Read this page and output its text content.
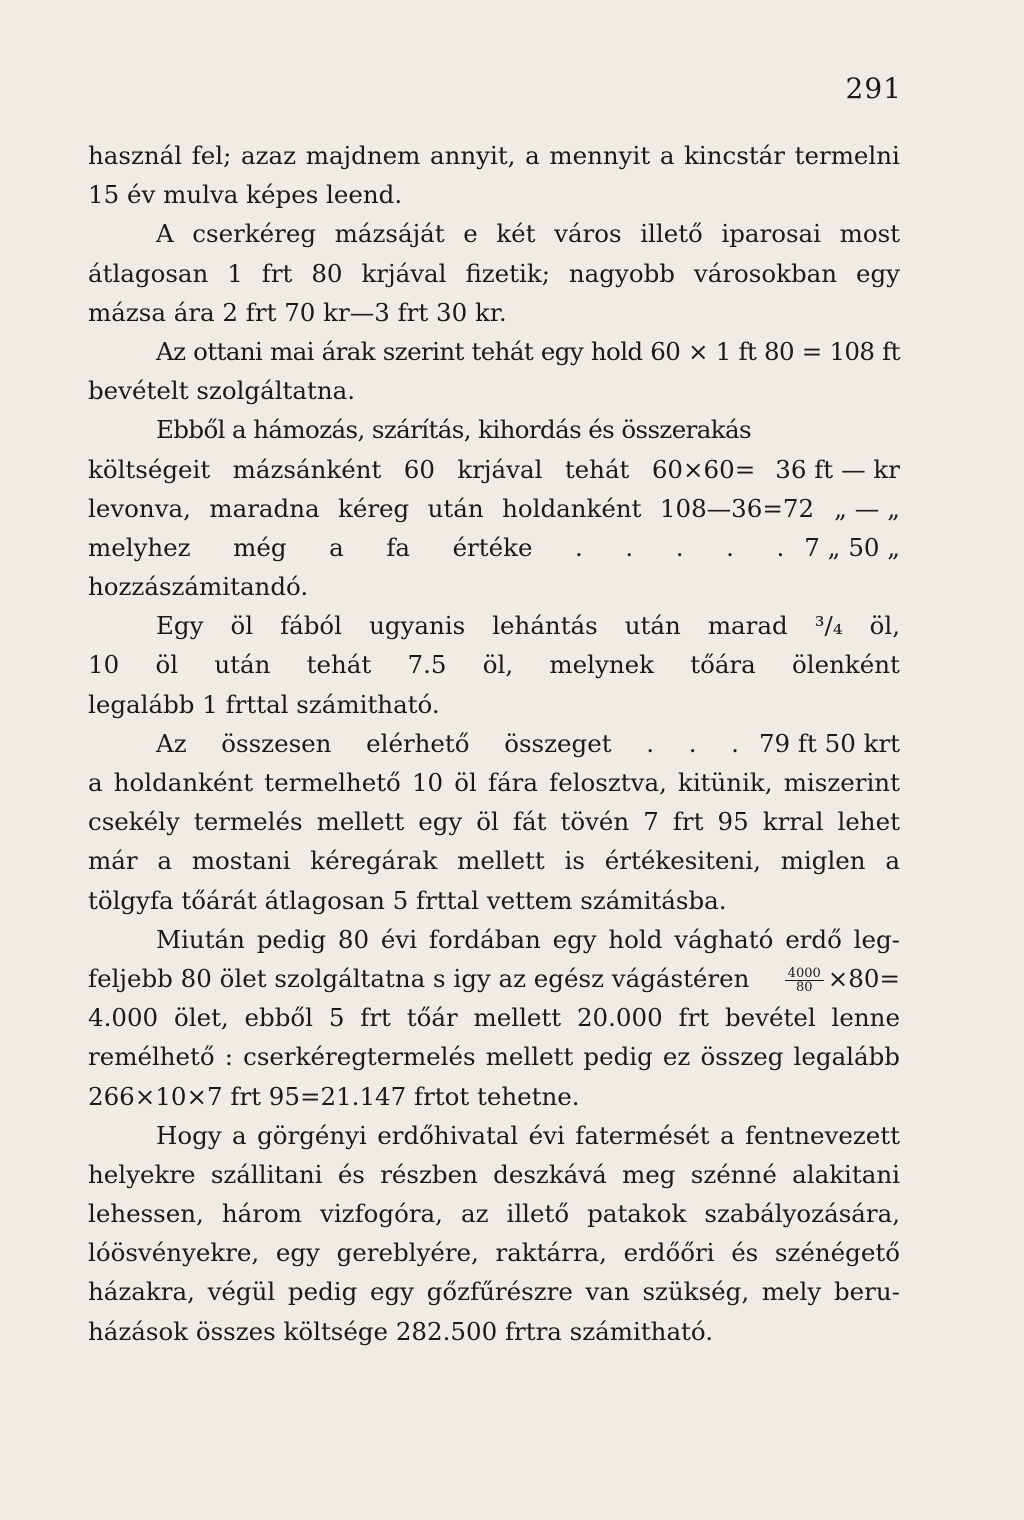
291
használ fel; azaz majdnem annyit, a mennyit a kincstár termelni
15 év mulva képes leend.
A cserkéreg mázsáját e két város illető iparosai most
átlagosan 1 frt 80 krjával fizetik; nagyobb városokban egy
mázsa ára 2 frt 70 kr—3 frt 30 kr.
Az ottani mai árak szerint tehát egy hold 60 × 1 ft 80 = 108 ft
bevételt szolgáltatna.
Ebből a hámozás, szárítás, kihordás és összerakás
költségeit mázsánként 60 krjával tehát 60×60= 36 ft — kr
levonva, maradna kéreg után holdanként 108—36=72 „ — „
melyhez még a fa értéke . . . . . 7 „ 50 „
hozzászámitandó.
Egy öl fából ugyanis lehántás után marad ³/₄ öl,
10 öl után tehát 7.5 öl, melynek tőára ölenként
legalább 1 frttal számitható.
Az összesen elérhető összeget . . . 79 ft 50 krt
a holdanként termelhető 10 öl fára felosztva, kitünik, miszerint
csekély termelés mellett egy öl fát tövén 7 frt 95 krral lehet
már a mostani kéregárak mellett is értékesiteni, miglen a
tölgyfa tőárát átlagosan 5 frttal vettem számitásba.
Miután pedig 80 évi fordában egy hold vágható erdő leg-
feljebb 80 ölet szolgáltatna s igy az egész vágástéren	$\frac{4000}{80} \times 80=$
4.000 ölet, ebből 5 frt tőár mellett 20.000 frt bevétel lenne
remélhető : cserkéregtermelés mellett pedig ez összeg legalább
266×10×7 frt 95=21.147 frtot tehetne.
Hogy a görgényi erdőhivatal évi fatermését a fentnevezett
helyekre szállitani és részben deszkává meg szénné alakitani
lehessen, három vizfogóra, az illető patakok szabályozására,
lóösvényekre, egy gereblyére, raktárra, erdőőri és szénégető
házakra, végül pedig egy gőzfűrészre van szükség, mely beru-
házások összes költsége 282.500 frtra számitható.
